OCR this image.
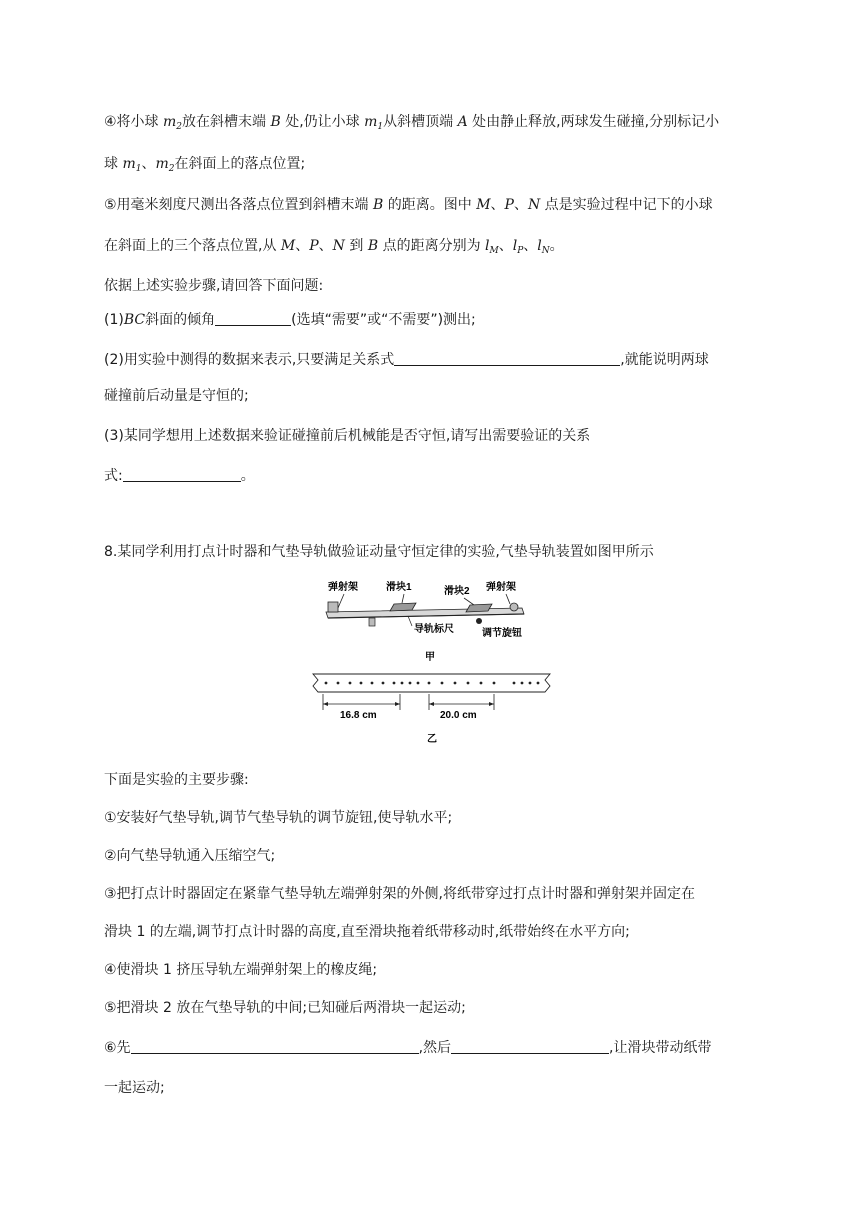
④将小球 $m_2$放在斜槽末端 B 处,仍让小球 $m_1$从斜槽顶端 A 处由静止释放,两球发生碰撞,分别标记小
球 $m_1$、$m_2$在斜面上的落点位置;
⑤用毫米刻度尺测出各落点位置到斜槽末端 B 的距离。图中 M、P、N 点是实验过程中记下的小球
在斜面上的三个落点位置,从 M、P、N 到 B 点的距离分别为 $l_M$、$l_P$、$l_N$。
依据上述实验步骤,请回答下面问题:
(1)BC斜面的倾角	(选填“需要”或“不需要”)测出;
(2)用实验中测得的数据来表示,只要满足关系式	,就能说明两球
碰撞前后动量是守恒的;
(3)某同学想用上述数据来验证碰撞前后机械能是否守恒,请写出需要验证的关系
式:	。
8.某同学利用打点计时器和气垫导轨做验证动量守恒定律的实验,气垫导轨装置如图甲所示
弹射架	滑块1	滑块2 弹射架
导轨标尺	调节旋钮
甲
16.8 cm	20.0 cm
乙
下面是实验的主要步骤:
①安装好气垫导轨,调节气垫导轨的调节旋钮,使导轨水平;
②向气垫导轨通入压缩空气;
③把打点计时器固定在紧靠气垫导轨左端弹射架的外侧,将纸带穿过打点计时器和弹射架并固定在
滑块 1 的左端,调节打点计时器的高度,直至滑块拖着纸带移动时,纸带始终在水平方向;
④使滑块 1 挤压导轨左端弹射架上的橡皮绳;
⑤把滑块 2 放在气垫导轨的中间;已知碰后两滑块一起运动;
⑥先	,然后	,让滑块带动纸带
一起运动;
